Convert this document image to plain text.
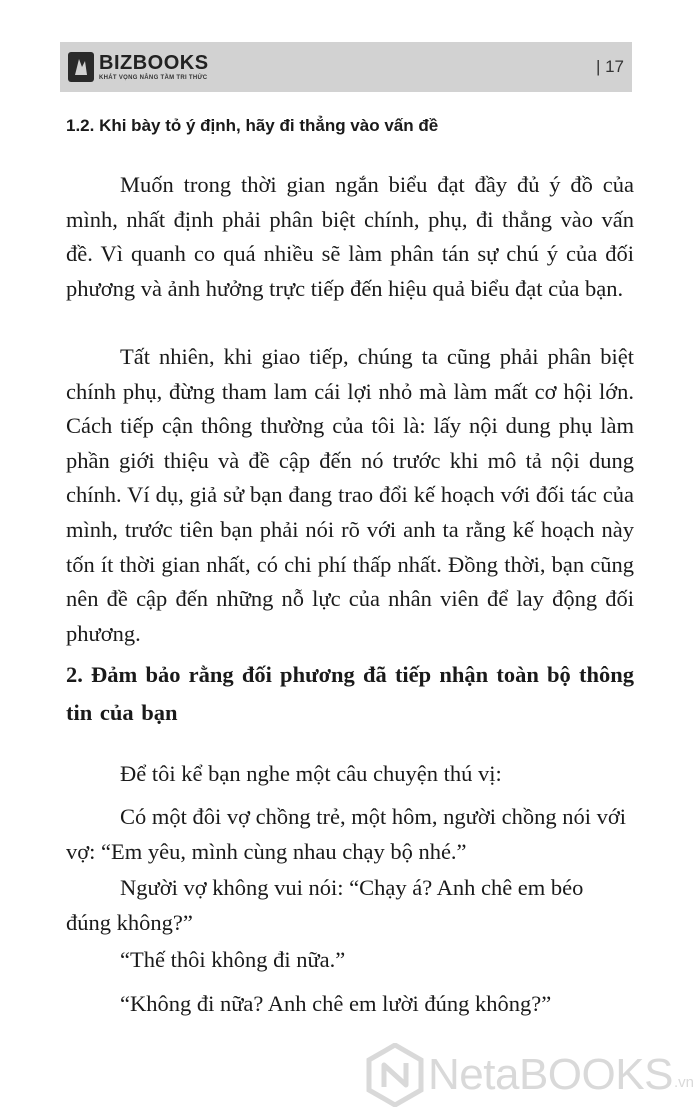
BIZBOOKS
KHÁT VỌNG NÂNG TẦM TRI THỨC
| 17
1.2. Khi bày tỏ ý định, hãy đi thẳng vào vấn đề

Muốn trong thời gian ngắn biểu đạt đầy đủ ý đồ của mình, nhất định phải phân biệt chính, phụ, đi thẳng vào vấn đề. Vì quanh co quá nhiều sẽ làm phân tán sự chú ý của đối phương và ảnh hưởng trực tiếp đến hiệu quả biểu đạt của bạn.

Tất nhiên, khi giao tiếp, chúng ta cũng phải phân biệt chính phụ, đừng tham lam cái lợi nhỏ mà làm mất cơ hội lớn. Cách tiếp cận thông thường của tôi là: lấy nội dung phụ làm phần giới thiệu và đề cập đến nó trước khi mô tả nội dung chính. Ví dụ, giả sử bạn đang trao đổi kế hoạch với đối tác của mình, trước tiên bạn phải nói rõ với anh ta rằng kế hoạch này tốn ít thời gian nhất, có chi phí thấp nhất. Đồng thời, bạn cũng nên đề cập đến những nỗ lực của nhân viên để lay động đối phương.

2. Đảm bảo rằng đối phương đã tiếp nhận toàn bộ thông tin của bạn

Để tôi kể bạn nghe một câu chuyện thú vị:

Có một đôi vợ chồng trẻ, một hôm, người chồng nói với vợ: “Em yêu, mình cùng nhau chạy bộ nhé.”

Người vợ không vui nói: “Chạy á? Anh chê em béo đúng không?”

“Thế thôi không đi nữa.”

“Không đi nữa? Anh chê em lười đúng không?”

NetaBOOKS .vn
